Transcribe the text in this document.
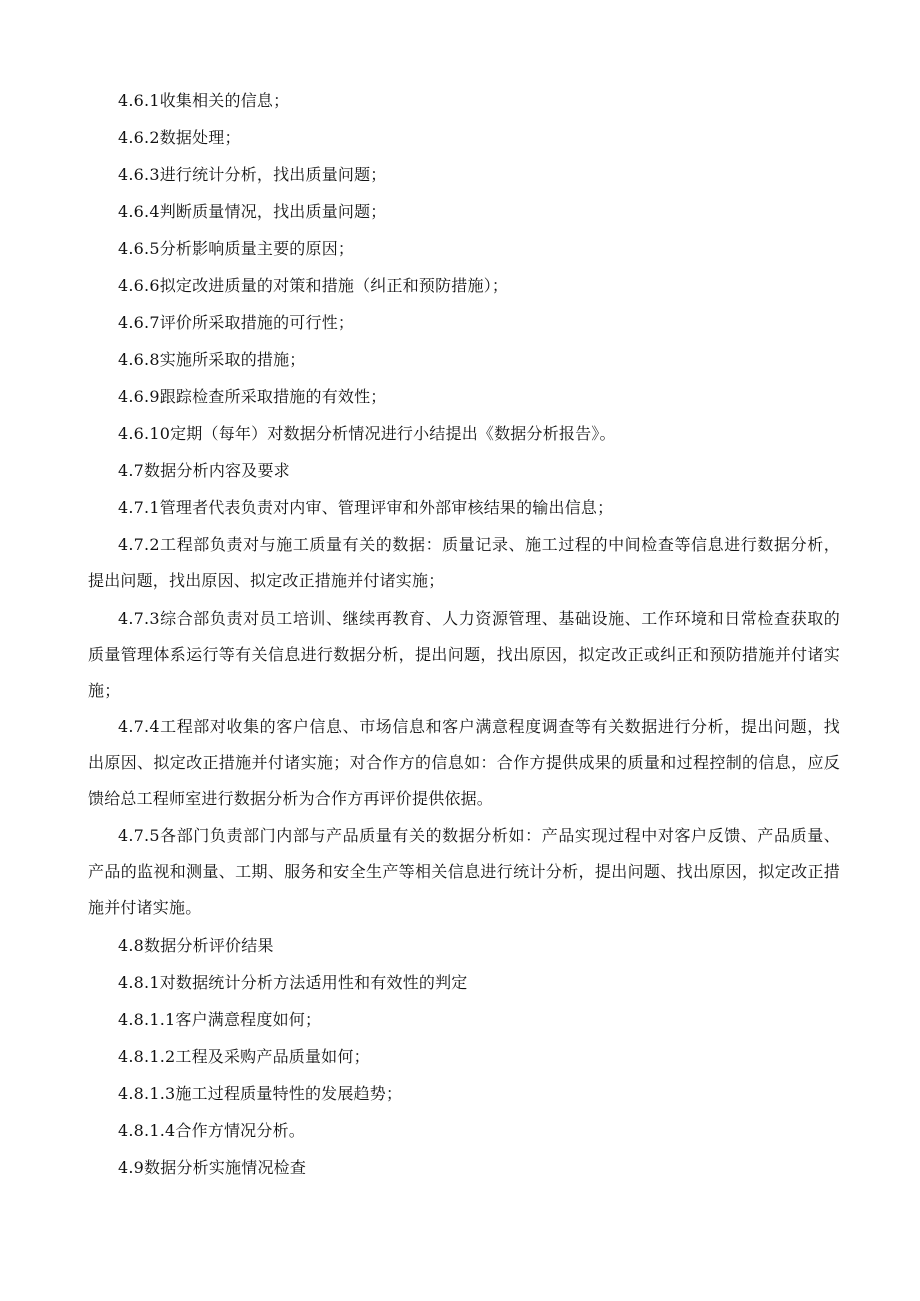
4.6.1收集相关的信息；
4.6.2数据处理；
4.6.3进行统计分析，找出质量问题；
4.6.4判断质量情况，找出质量问题；
4.6.5分析影响质量主要的原因；
4.6.6拟定改进质量的对策和措施（纠正和预防措施）；
4.6.7评价所采取措施的可行性；
4.6.8实施所采取的措施；
4.6.9跟踪检查所采取措施的有效性；
4.6.10定期（每年）对数据分析情况进行小结提出《数据分析报告》。
4.7数据分析内容及要求
4.7.1管理者代表负责对内审、管理评审和外部审核结果的输出信息；
4.7.2工程部负责对与施工质量有关的数据：质量记录、施工过程的中间检查等信息进行数据分析，提出问题，找出原因、拟定改正措施并付诸实施；
4.7.3综合部负责对员工培训、继续再教育、人力资源管理、基础设施、工作环境和日常检查获取的质量管理体系运行等有关信息进行数据分析，提出问题，找出原因，拟定改正或纠正和预防措施并付诸实施；
4.7.4工程部对收集的客户信息、市场信息和客户满意程度调查等有关数据进行分析，提出问题，找出原因、拟定改正措施并付诸实施；对合作方的信息如：合作方提供成果的质量和过程控制的信息，应反馈给总工程师室进行数据分析为合作方再评价提供依据。
4.7.5各部门负责部门内部与产品质量有关的数据分析如：产品实现过程中对客户反馈、产品质量、产品的监视和测量、工期、服务和安全生产等相关信息进行统计分析，提出问题、找出原因，拟定改正措施并付诸实施。
4.8数据分析评价结果
4.8.1对数据统计分析方法适用性和有效性的判定
4.8.1.1客户满意程度如何；
4.8.1.2工程及采购产品质量如何；
4.8.1.3施工过程质量特性的发展趋势；
4.8.1.4合作方情况分析。
4.9数据分析实施情况检查
